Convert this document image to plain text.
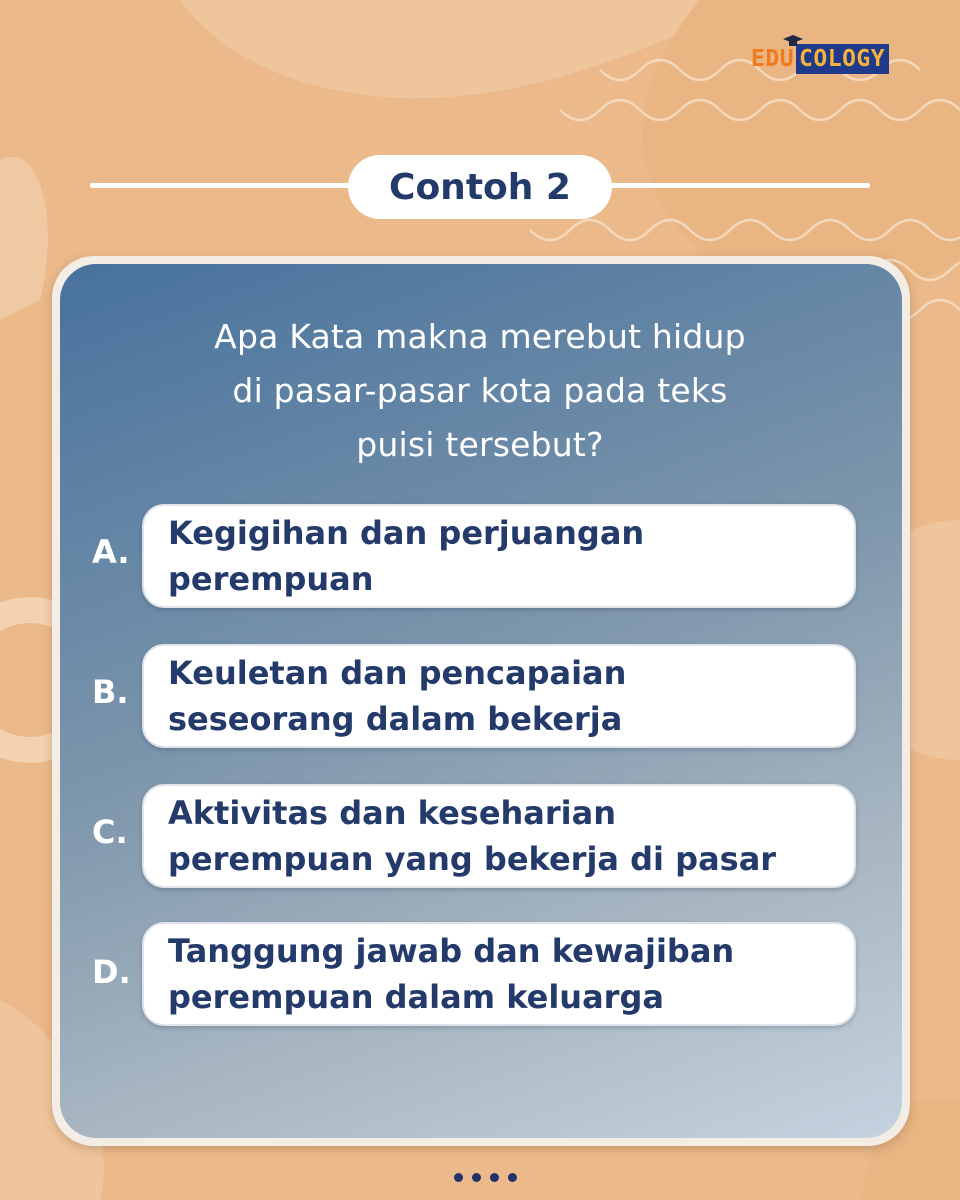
EDU COLOGY
Contoh 2
Apa Kata makna merebut hidup
di pasar-pasar kota pada teks
puisi tersebut?
A. Kegigihan dan perjuangan
perempuan
B. Keuletan dan pencapaian
seseorang dalam bekerja
C. Aktivitas dan keseharian
perempuan yang bekerja di pasar
D.
Tanggung jawab dan kewajiban
perempuan dalam keluarga
